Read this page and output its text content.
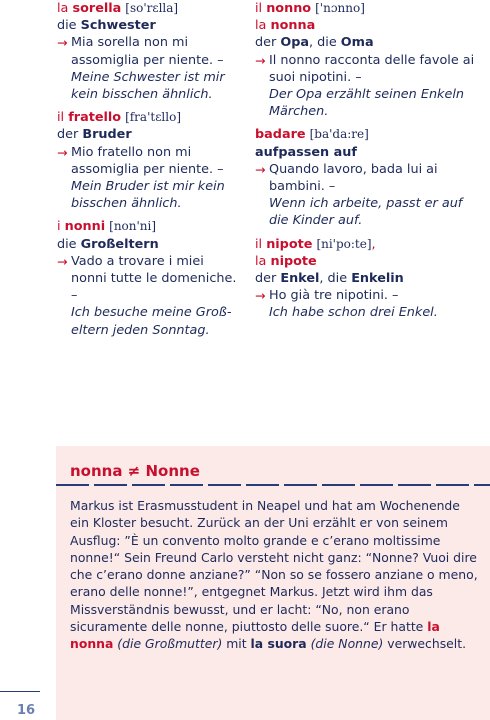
la sorella [so'rɛlla]
die Schwester
→ Mia sorella non mi assomiglia per niente. –
Meine Schwester ist mir kein bisschen ähnlich.
il fratello [fra'tɛllo]
der Bruder
→ Mio fratello non mi assomiglia per niente. –
Mein Bruder ist mir kein bisschen ähnlich.
i nonni [non'ni]
die Großeltern
→ Vado a trovare i miei nonni tutte le domeniche. –
Ich besuche meine Groß- eltern jeden Sonntag.
il nonno ['nɔnno]
la nonna
der Opa, die Oma
→ Il nonno racconta delle favole ai suoi nipotini. –
Der Opa erzählt seinen Enkeln Märchen.
badare [ba'da:re]
aufpassen auf
→ Quando lavoro, bada lui ai bambini. –
Wenn ich arbeite, passt er auf die Kinder auf.
il nipote [ni'po:te],
la nipote
der Enkel, die Enkelin
→ Ho già tre nipotini. –
Ich habe schon drei Enkel.
nonna ≠ Nonne
Markus ist Erasmusstudent in Neapel und hat am Wochenende ein Kloster besucht. Zurück an der Uni erzählt er von seinem Ausflug: ”È un convento molto grande e c’erano moltissime nonne!“ Sein Freund Carlo versteht nicht ganz: “Nonne? Vuoi dire che c’erano donne anziane?” “Non so se fossero anziane o meno, erano delle nonne!”, entgegnet Markus. Jetzt wird ihm das Missverständnis bewusst, und er lacht: “No, non erano sicuramente delle nonne, piuttosto delle suore.“ Er hatte la nonna (die Großmutter) mit la suora (die Nonne) verwechselt.
16
